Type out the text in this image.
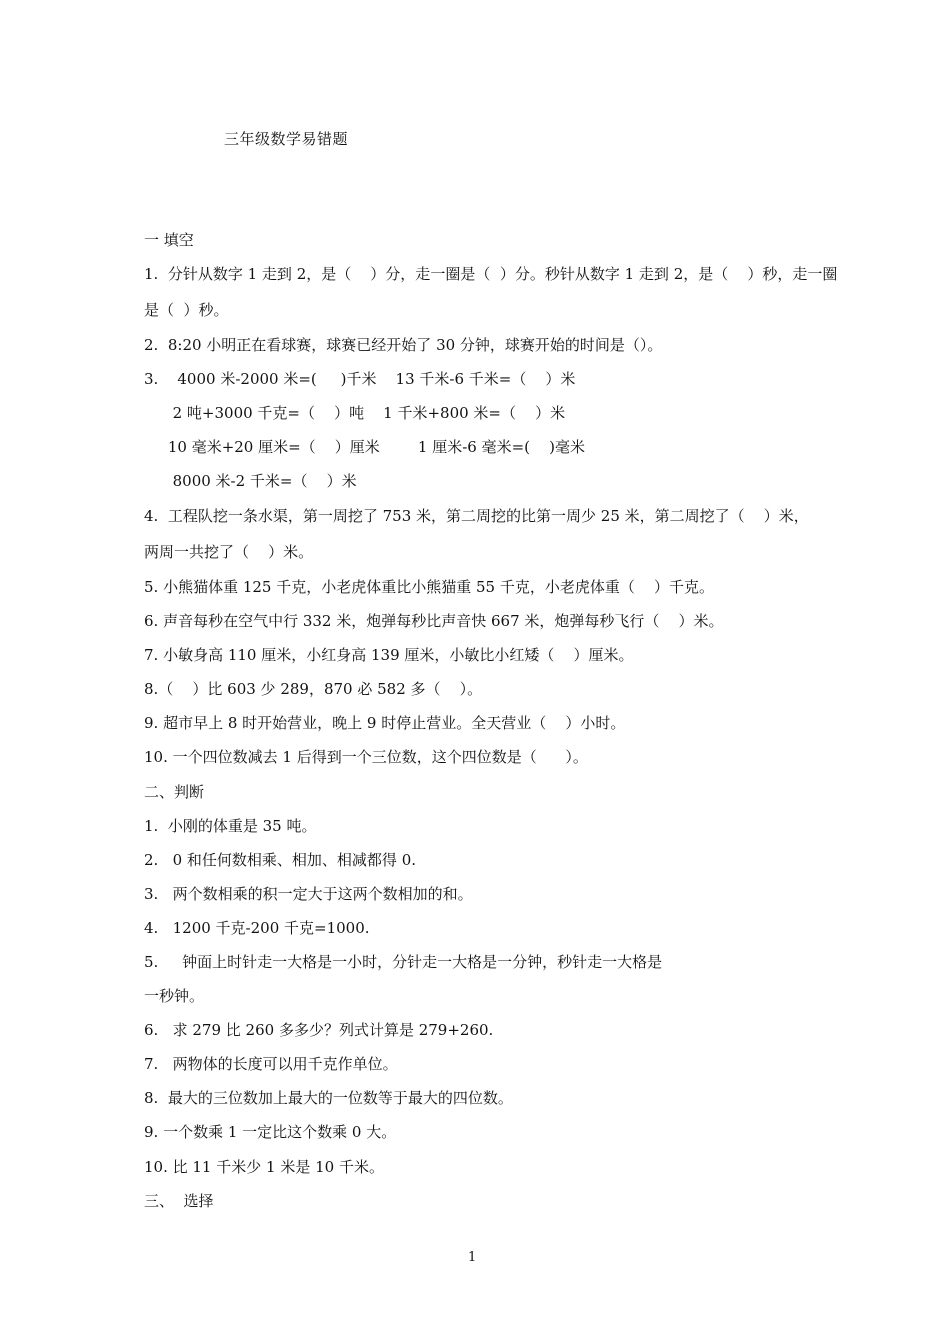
三年级数学易错题
一 填空
1.  分针从数字 1 走到 2，是（    ）分，走一圈是（  ）分。秒针从数字 1 走到 2，是（    ）秒，走一圈
是（  ）秒。
2.  8:20 小明正在看球赛，球赛已经开始了 30 分钟，球赛开始的时间是（）。
3.    4000 米-2000 米=(     )千米    13 千米-6 千米=（    ）米
2 吨+3000 千克=（    ）吨    1 千米+800 米=（    ）米
10 毫米+20 厘米=（    ）厘米        1 厘米-6 毫米=(    )毫米
8000 米-2 千米=（    ）米
4.  工程队挖一条水渠，第一周挖了 753 米，第二周挖的比第一周少 25 米，第二周挖了（    ）米，
两周一共挖了（    ）米。
5. 小熊猫体重 125 千克，小老虎体重比小熊猫重 55 千克，小老虎体重（    ）千克。
6. 声音每秒在空气中行 332 米，炮弹每秒比声音快 667 米，炮弹每秒飞行（    ）米。
7. 小敏身高 110 厘米，小红身高 139 厘米，小敏比小红矮（    ）厘米。
8.（    ）比 603 少 289，870 必 582 多（    ）。
9. 超市早上 8 时开始营业，晚上 9 时停止营业。全天营业（    ）小时。
10. 一个四位数减去 1 后得到一个三位数，这个四位数是（      ）。
二、判断
1.  小刚的体重是 35 吨。
2.   0 和任何数相乘、相加、相减都得 0.
3.   两个数相乘的积一定大于这两个数相加的和。
4.   1200 千克-200 千克=1000.
5.     钟面上时针走一大格是一小时，分针走一大格是一分钟，秒针走一大格是
一秒钟。
6.   求 279 比 260 多多少？列式计算是 279+260.
7.   两物体的长度可以用千克作单位。
8.  最大的三位数加上最大的一位数等于最大的四位数。
9. 一个数乘 1 一定比这个数乘 0 大。
10. 比 11 千米少 1 米是 10 千米。
三、  选择
1
